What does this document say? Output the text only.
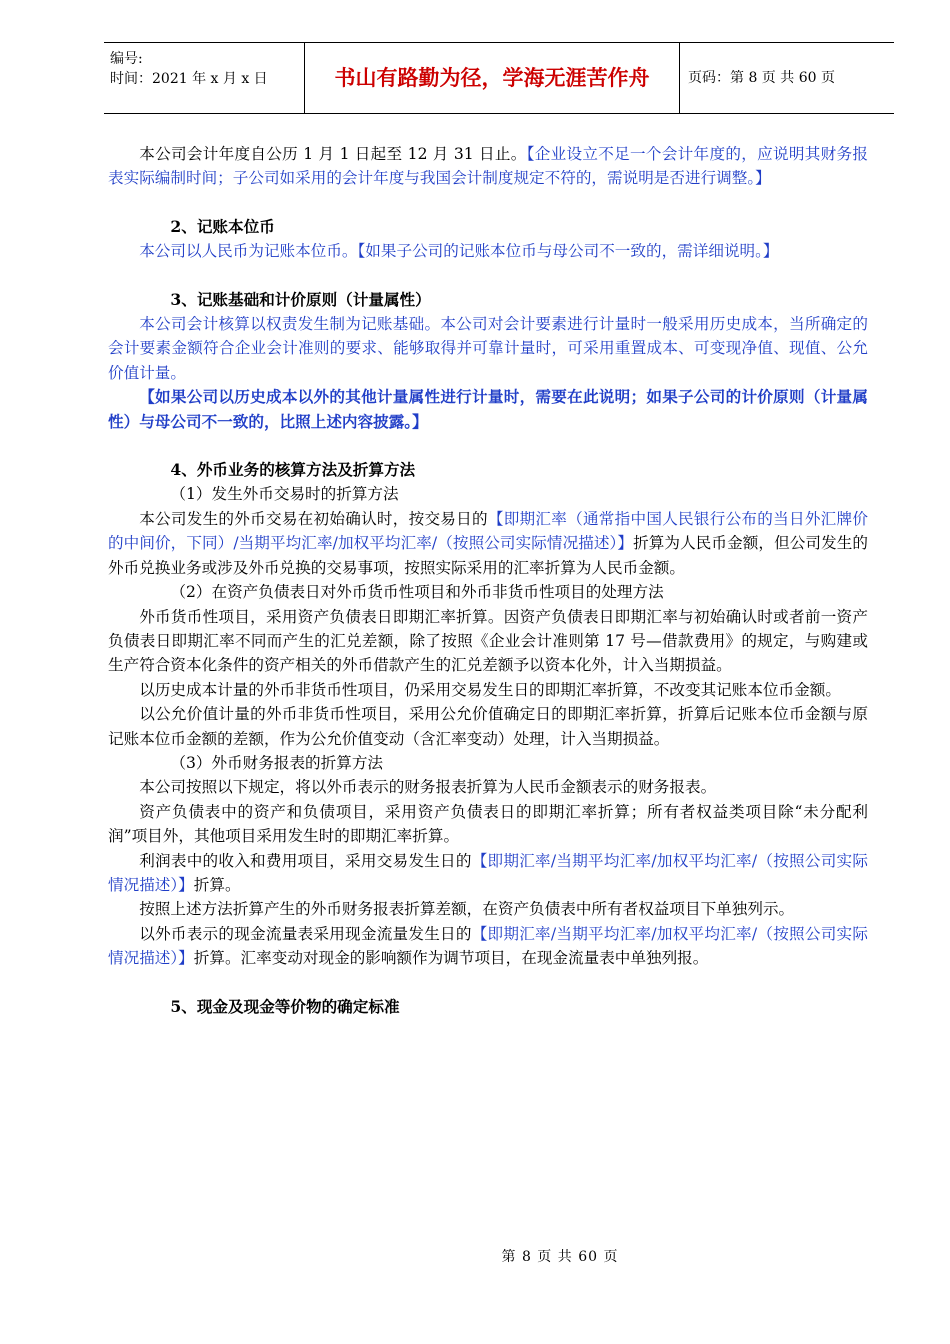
编号:
时间：2021 年 x 月 x 日	书山有路勤为径，学海无涯苦作舟	页码：第 8 页 共 60 页

本公司会计年度自公历 1 月 1 日起至 12 月 31 日止。【企业设立不足一个会计年度的，应说明其财务报表实际编制时间；子公司如采用的会计年度与我国会计制度规定不符的，需说明是否进行调整。】

2、记账本位币

本公司以人民币为记账本位币。【如果子公司的记账本位币与母公司不一致的，需详细说明。】

3、记账基础和计价原则（计量属性）

本公司会计核算以权责发生制为记账基础。本公司对会计要素进行计量时一般采用历史成本，当所确定的会计要素金额符合企业会计准则的要求、能够取得并可靠计量时，可采用重置成本、可变现净值、现值、公允价值计量。

【如果公司以历史成本以外的其他计量属性进行计量时，需要在此说明；如果子公司的计价原则（计量属性）与母公司不一致的，比照上述内容披露。】

4、外币业务的核算方法及折算方法

（1）发生外币交易时的折算方法

本公司发生的外币交易在初始确认时，按交易日的【即期汇率（通常指中国人民银行公布的当日外汇牌价的中间价，下同）/当期平均汇率/加权平均汇率/（按照公司实际情况描述）】折算为人民币金额，但公司发生的外币兑换业务或涉及外币兑换的交易事项，按照实际采用的汇率折算为人民币金额。

（2）在资产负债表日对外币货币性项目和外币非货币性项目的处理方法

外币货币性项目，采用资产负债表日即期汇率折算。因资产负债表日即期汇率与初始确认时或者前一资产负债表日即期汇率不同而产生的汇兑差额，除了按照《企业会计准则第 17 号—借款费用》的规定，与购建或生产符合资本化条件的资产相关的外币借款产生的汇兑差额予以资本化外，计入当期损益。

以历史成本计量的外币非货币性项目，仍采用交易发生日的即期汇率折算，不改变其记账本位币金额。

以公允价值计量的外币非货币性项目，采用公允价值确定日的即期汇率折算，折算后记账本位币金额与原记账本位币金额的差额，作为公允价值变动（含汇率变动）处理，计入当期损益。

（3）外币财务报表的折算方法

本公司按照以下规定，将以外币表示的财务报表折算为人民币金额表示的财务报表。

资产负债表中的资产和负债项目，采用资产负债表日的即期汇率折算；所有者权益类项目除“未分配利润”项目外，其他项目采用发生时的即期汇率折算。

利润表中的收入和费用项目，采用交易发生日的【即期汇率/当期平均汇率/加权平均汇率/（按照公司实际情况描述）】折算。

按照上述方法折算产生的外币财务报表折算差额，在资产负债表中所有者权益项目下单独列示。

以外币表示的现金流量表采用现金流量发生日的【即期汇率/当期平均汇率/加权平均汇率/（按照公司实际情况描述）】折算。汇率变动对现金的影响额作为调节项目，在现金流量表中单独列报。

5、现金及现金等价物的确定标准

第 8 页 共 60 页
